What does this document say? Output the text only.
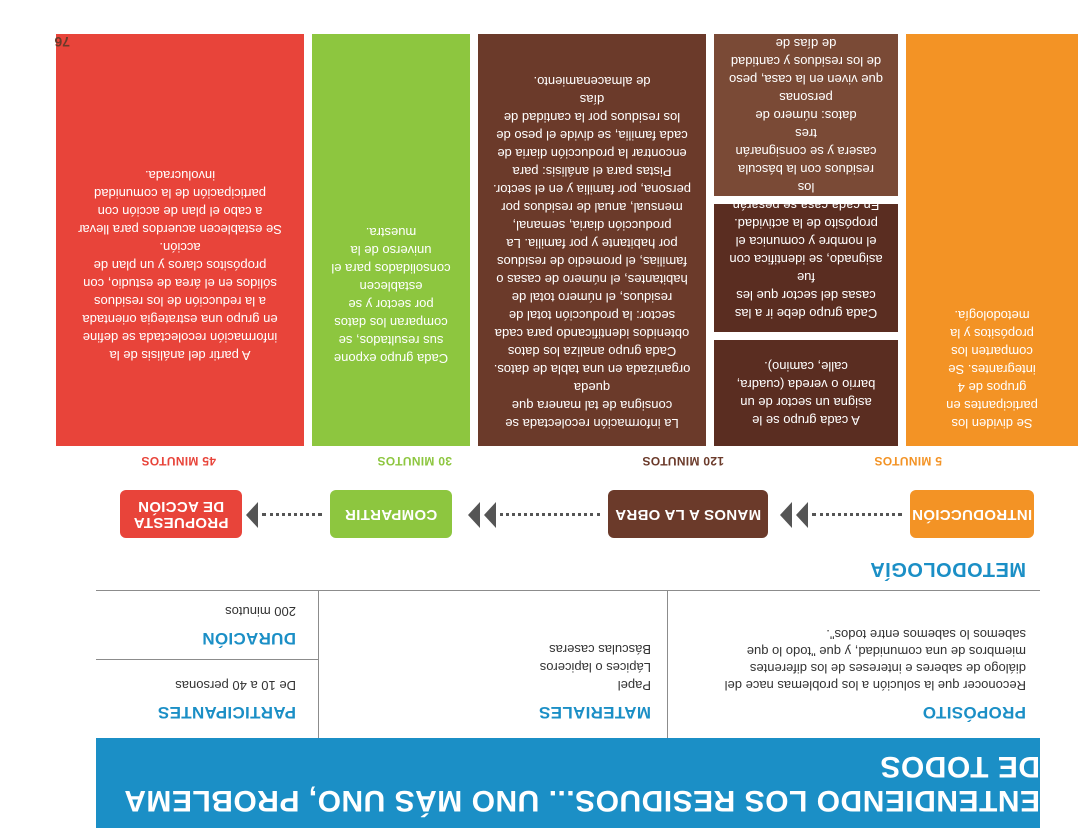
ENTENDIENDO LOS RESIDUOS... UNO MÁS UNO, PROBLEMA DE TODOS
PROPÓSITO
Reconocer que la solución a los problemas nace del
diálogo de saberes e intereses de los diferentes
miembros de una comunidad, y que "todo lo que
sabemos lo sabemos entre todos".
MATERIALES
Papel
Lápices o lapiceros
Básculas caseras
PARTICIPANTES
De 10 a 40 personas
DURACIÓN
200 minutos
METODOLOGÍA
INTRODUCCIÓN
MANOS A LA OBRA
COMPARTIR
PROPUESTA
DE ACCIÓN
5 MINUTOS
120 MINUTOS
30 MINUTOS
45 MINUTOS
Se dividen los
participantes en
grupos de 4
integrantes. Se
comparten los
propósitos y la
metodología.
A cada grupo se le
asigna un sector de un
barrio o vereda (cuadra,
calle, camino).
Cada grupo debe ir a las
casas del sector que les fue
asignado, se identifica con
el nombre y comunica el
propósito de la actividad.
En cada casa se pesarán los
residuos con la báscula
casera y se consignarán tres
datos: número de personas
que viven en la casa, peso
de los residuos y cantidad
de días de almacenamiento.
La información recolectada se
consigna de tal manera que queda
organizada en una tabla de datos.
Cada grupo analiza los datos
obtenidos identificando para cada
sector: la producción total de
residuos, el número total de
habitantes, el número de casas o
familias, el promedio de residuos
por habitante y por familia. La
producción diaria, semanal,
mensual, anual de residuos por
persona, por familia y en el sector.
Pistas para el análisis: para
encontrar la producción diaria de
cada familia, se divide el peso de
los residuos por la cantidad de días
de almacenamiento.
Cada grupo expone
sus resultados, se
comparan los datos
por sector y se
establecen
consolidados para el
universo de la
muestra.
A partir del análisis de la
información recolectada se define
en grupo una estrategia orientada
a la reducción de los residuos
sólidos en el área de estudio, con
propósitos claros y un plan de
acción.
Se establecen acuerdos para llevar
a cabo el plan de acción con
participación de la comunidad
involucrada.
76
